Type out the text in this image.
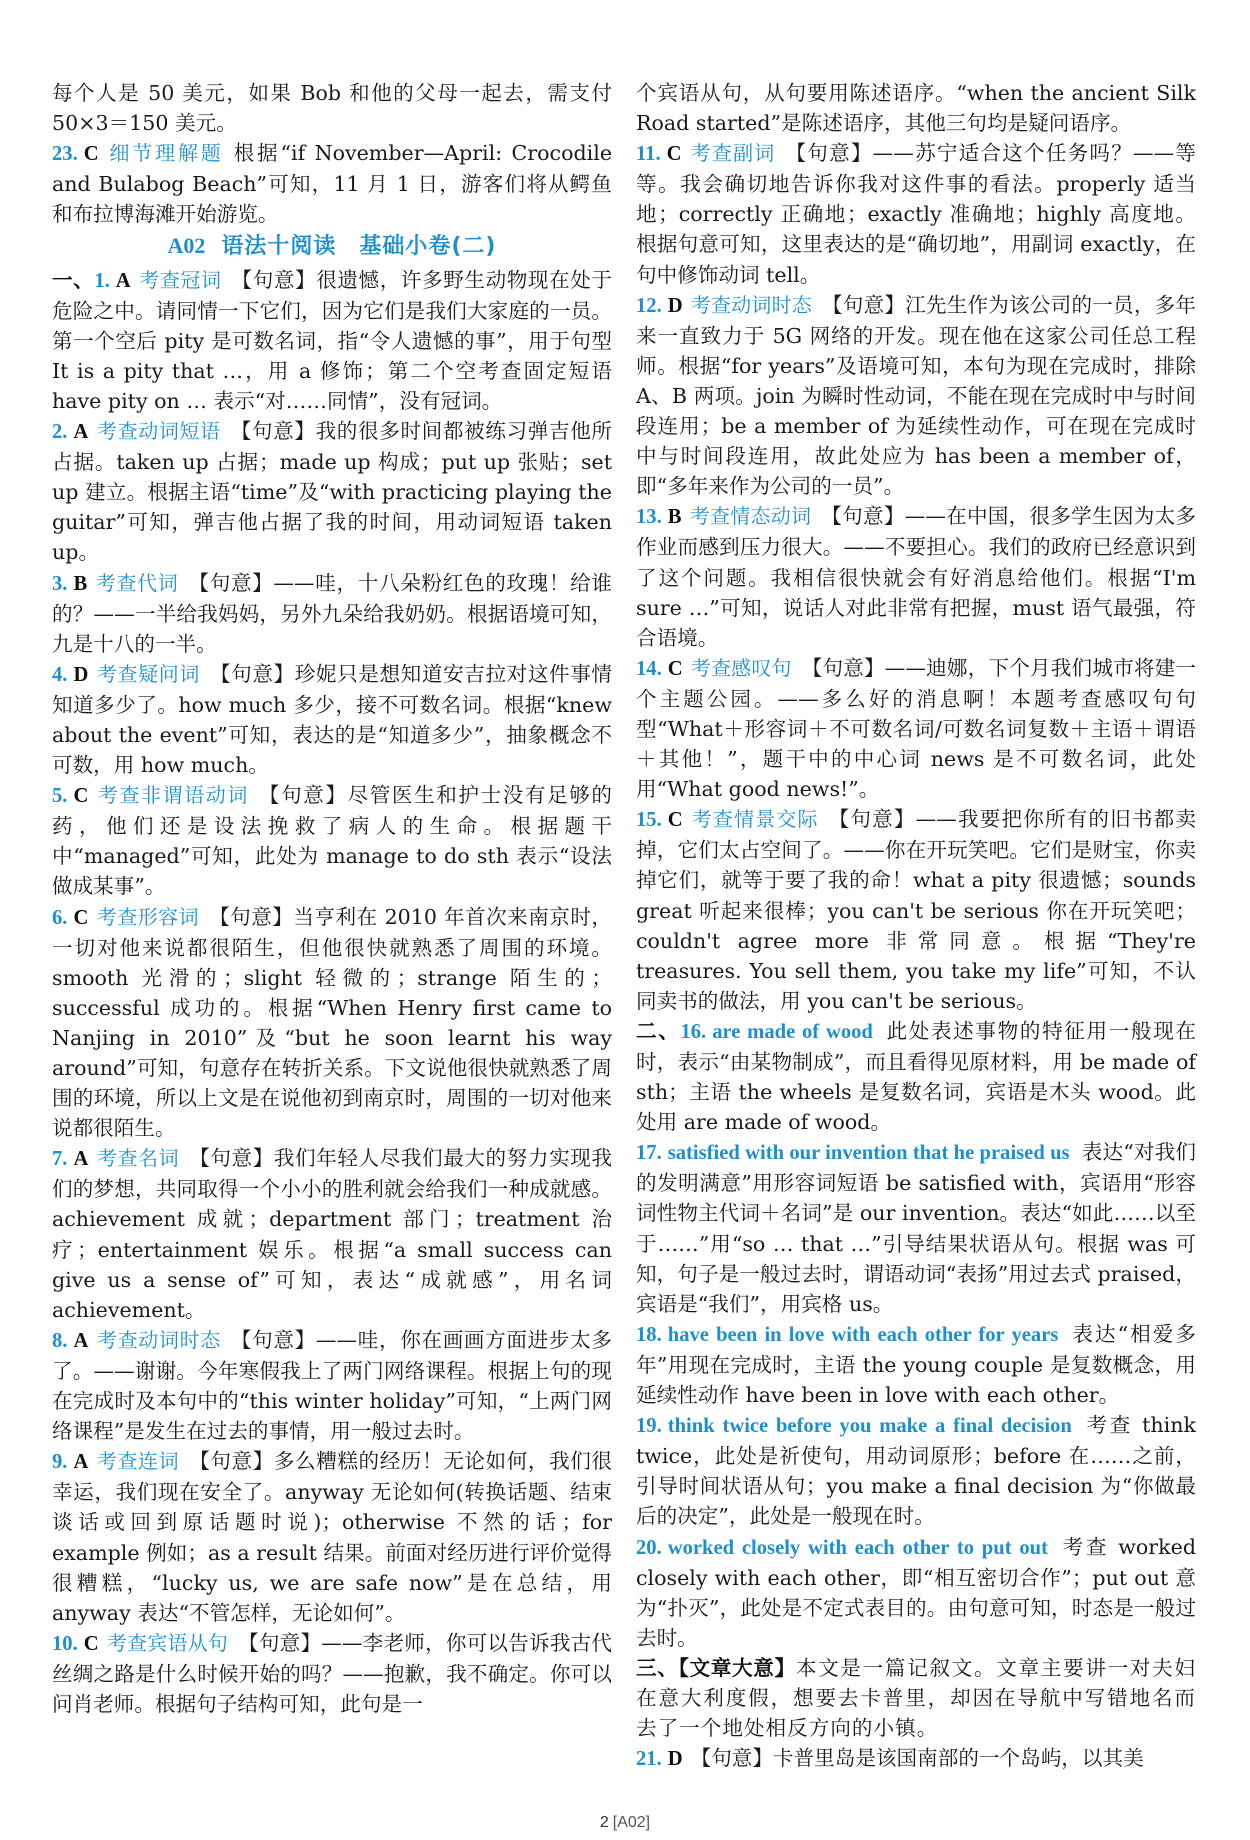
每个人是 50 美元，如果 Bob 和他的父母一起去，需支付 50×3＝150 美元。

23. C 细节理解题 根据“if November—April: Crocodile and Bulabog Beach”可知，11 月 1 日，游客们将从鳄鱼和布拉博海滩开始游览。

A02 语法十阅读　基础小卷(二)

一、1. A 考查冠词 【句意】很遗憾，许多野生动物现在处于危险之中。请同情一下它们，因为它们是我们大家庭的一员。第一个空后 pity 是可数名词，指“令人遗憾的事”，用于句型 It is a pity that …，用 a 修饰；第二个空考查固定短语 have pity on … 表示“对……同情”，没有冠词。

2. A 考查动词短语 【句意】我的很多时间都被练习弹吉他所占据。taken up 占据；made up 构成；put up 张贴；set up 建立。根据主语“time”及“with practicing playing the guitar”可知，弹吉他占据了我的时间，用动词短语 taken up。

3. B 考查代词 【句意】——哇，十八朵粉红色的玫瑰！给谁的？——一半给我妈妈，另外九朵给我奶奶。根据语境可知，九是十八的一半。

4. D 考查疑问词 【句意】珍妮只是想知道安吉拉对这件事情知道多少了。how much 多少，接不可数名词。根据“knew about the event”可知，表达的是“知道多少”，抽象概念不可数，用 how much。

5. C 考查非谓语动词 【句意】尽管医生和护士没有足够的药，他们还是设法挽救了病人的生命。根据题干中“managed”可知，此处为 manage to do sth 表示“设法做成某事”。

6. C 考查形容词 【句意】当亨利在 2010 年首次来南京时，一切对他来说都很陌生，但他很快就熟悉了周围的环境。smooth 光滑的；slight 轻微的；strange 陌生的；successful 成功的。根据“When Henry first came to Nanjing in 2010”及“but he soon learnt his way around”可知，句意存在转折关系。下文说他很快就熟悉了周围的环境，所以上文是在说他初到南京时，周围的一切对他来说都很陌生。

7. A 考查名词 【句意】我们年轻人尽我们最大的努力实现我们的梦想，共同取得一个小小的胜利就会给我们一种成就感。achievement 成就；department 部门；treatment 治疗；entertainment 娱乐。根据“a small success can give us a sense of”可知，表达“成就感”，用名词 achievement。

8. A 考查动词时态 【句意】——哇，你在画画方面进步太多了。——谢谢。今年寒假我上了两门网络课程。根据上句的现在完成时及本句中的“this winter holiday”可知，“上两门网络课程”是发生在过去的事情，用一般过去时。

9. A 考查连词 【句意】多么糟糕的经历！无论如何，我们很幸运，我们现在安全了。anyway 无论如何(转换话题、结束谈话或回到原话题时说)；otherwise 不然的话；for example 例如；as a result 结果。前面对经历进行评价觉得很糟糕，“lucky us, we are safe now”是在总结，用 anyway 表达“不管怎样，无论如何”。

10. C 考查宾语从句 【句意】——李老师，你可以告诉我古代丝绸之路是什么时候开始的吗？——抱歉，我不确定。你可以问肖老师。根据句子结构可知，此句是一

个宾语从句，从句要用陈述语序。“when the ancient Silk Road started”是陈述语序，其他三句均是疑问语序。

11. C 考查副词 【句意】——苏宁适合这个任务吗？——等等。我会确切地告诉你我对这件事的看法。properly 适当地；correctly 正确地；exactly 准确地；highly 高度地。根据句意可知，这里表达的是“确切地”，用副词 exactly，在句中修饰动词 tell。

12. D 考查动词时态 【句意】江先生作为该公司的一员，多年来一直致力于 5G 网络的开发。现在他在这家公司任总工程师。根据“for years”及语境可知，本句为现在完成时，排除 A、B 两项。join 为瞬时性动词，不能在现在完成时中与时间段连用；be a member of 为延续性动作，可在现在完成时中与时间段连用，故此处应为 has been a member of，即“多年来作为公司的一员”。

13. B 考查情态动词 【句意】——在中国，很多学生因为太多作业而感到压力很大。——不要担心。我们的政府已经意识到了这个问题。我相信很快就会有好消息给他们。根据“I'm sure …”可知，说话人对此非常有把握，must 语气最强，符合语境。

14. C 考查感叹句 【句意】——迪娜，下个月我们城市将建一个主题公园。——多么好的消息啊！本题考查感叹句句型“What＋形容词＋不可数名词/可数名词复数＋主语＋谓语＋其他！”，题干中的中心词 news 是不可数名词，此处用“What good news!”。

15. C 考查情景交际 【句意】——我要把你所有的旧书都卖掉，它们太占空间了。——你在开玩笑吧。它们是财宝，你卖掉它们，就等于要了我的命！what a pity 很遗憾；sounds great 听起来很棒；you can't be serious 你在开玩笑吧；couldn't agree more 非常同意。根据“They're treasures. You sell them, you take my life”可知，不认同卖书的做法，用 you can't be serious。

二、16. are made of wood 此处表述事物的特征用一般现在时，表示“由某物制成”，而且看得见原材料，用 be made of sth；主语 the wheels 是复数名词，宾语是木头 wood。此处用 are made of wood。

17. satisfied with our invention that he praised us 表达“对我们的发明满意”用形容词短语 be satisfied with，宾语用“形容词性物主代词＋名词”是 our invention。表达“如此……以至于……”用“so … that …”引导结果状语从句。根据 was 可知，句子是一般过去时，谓语动词“表扬”用过去式 praised，宾语是“我们”，用宾格 us。

18. have been in love with each other for years 表达“相爱多年”用现在完成时，主语 the young couple 是复数概念，用延续性动作 have been in love with each other。

19. think twice before you make a final decision 考查 think twice，此处是祈使句，用动词原形；before 在……之前，引导时间状语从句；you make a final decision 为“你做最后的决定”，此处是一般现在时。

20. worked closely with each other to put out 考查 worked closely with each other，即“相互密切合作”；put out 意为“扑灭”，此处是不定式表目的。由句意可知，时态是一般过去时。

三、【文章大意】本文是一篇记叙文。文章主要讲一对夫妇在意大利度假，想要去卡普里，却因在导航中写错地名而去了一个地处相反方向的小镇。

21. D 【句意】卡普里岛是该国南部的一个岛屿，以其美

2 [A02]
